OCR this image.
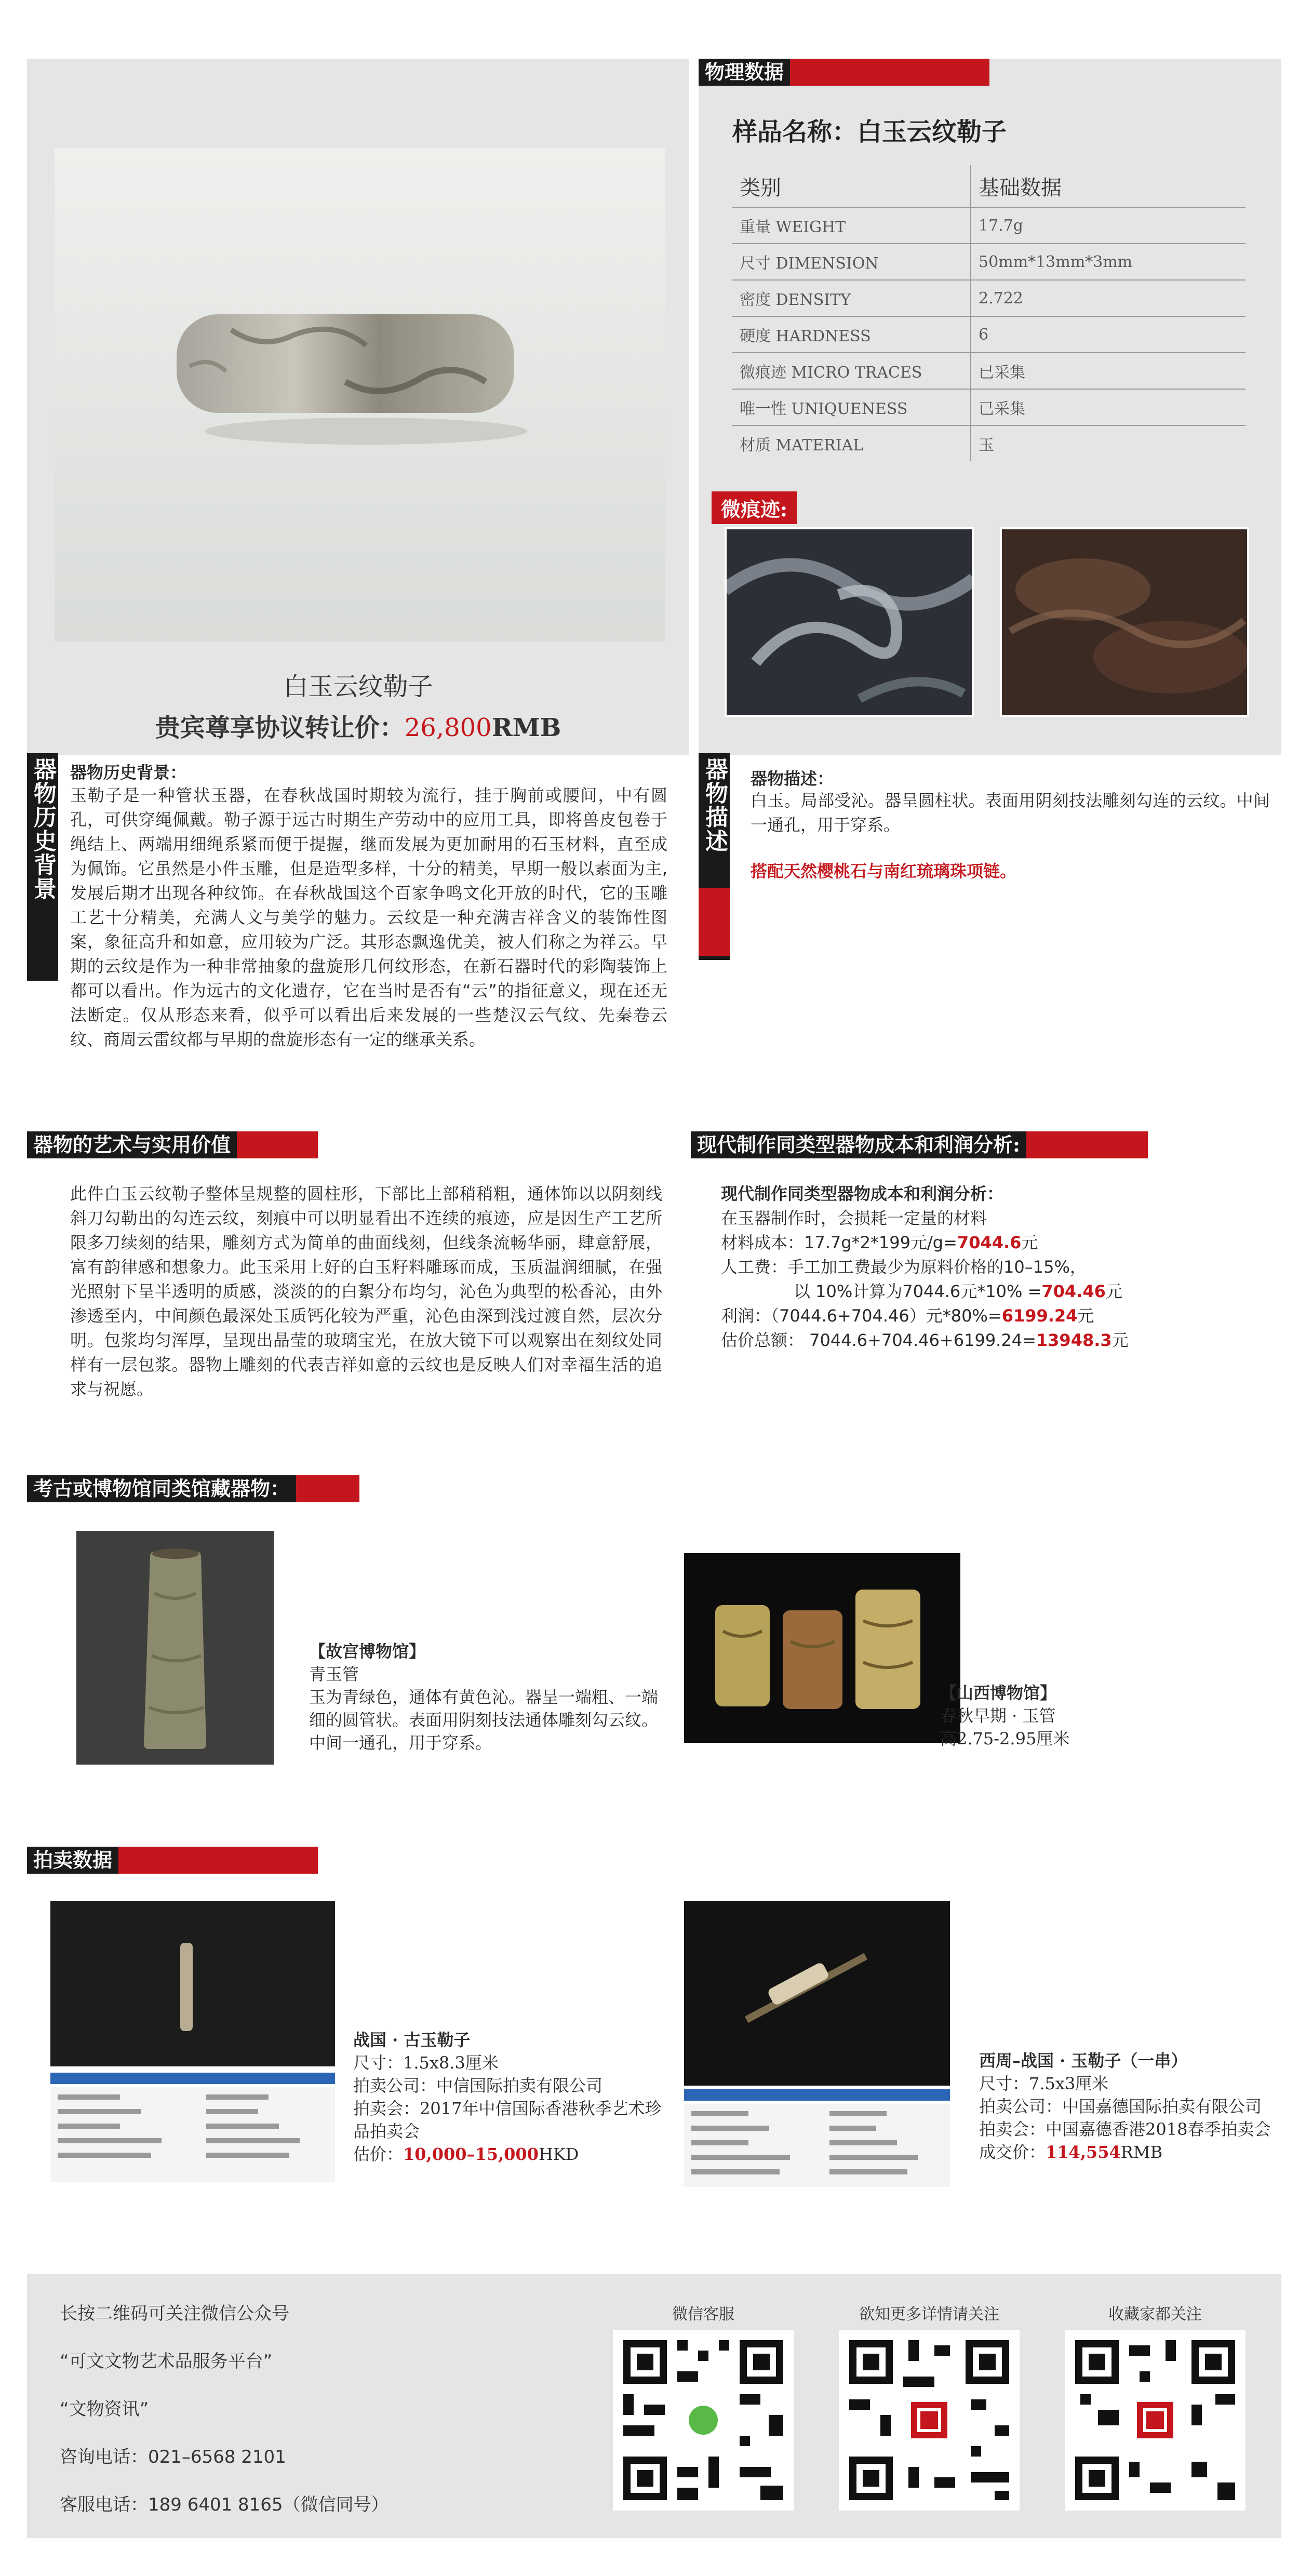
白玉云纹勒子
贵宾尊享协议转让价：26,800RMB
物理数据
样品名称：白玉云纹勒子
类别	基础数据
重量 WEIGHT	17.7g
尺寸 DIMENSION	50mm*13mm*3mm
密度 DENSITY	2.722
硬度 HARDNESS	6
微痕迹 MICRO TRACES	已采集
唯一性 UNIQUENESS	已采集
材质 MATERIAL	玉
微痕迹:
器物历史背景 器物历史背景：
玉勒子是一种管状玉器，在春秋战国时期较为流行，挂于胸前或腰间，中有圆孔，可供穿绳佩戴。勒子源于远古时期生产劳动中的应用工具，即将兽皮包卷于绳结上、两端用细绳系紧而便于提握，继而发展为更加耐用的石玉材料，直至成为佩饰。它虽然是小件玉雕，但是造型多样，十分的精美，早期一般以素面为主,发展后期才出现各种纹饰。在春秋战国这个百家争鸣文化开放的时代，它的玉雕工艺十分精美，充满人文与美学的魅力。云纹是一种充满吉祥含义的装饰性图案，象征高升和如意，应用较为广泛。其形态飘逸优美，被人们称之为祥云。早期的云纹是作为一种非常抽象的盘旋形几何纹形态，在新石器时代的彩陶装饰上都可以看出。作为远古的文化遗存，它在当时是否有“云”的指征意义，现在还无法断定。仅从形态来看，似乎可以看出后来发展的一些楚汉云气纹、先秦卷云纹、商周云雷纹都与早期的盘旋形态有一定的继承关系。
器物描述 器物描述：
白玉。局部受沁。器呈圆柱状。表面用阴刻技法雕刻勾连的云纹。中间一通孔，用于穿系。
搭配天然樱桃石与南红琉璃珠项链。
器物的艺术与实用价值
此件白玉云纹勒子整体呈规整的圆柱形，下部比上部稍稍粗，通体饰以以阴刻线斜刀勾勒出的勾连云纹，刻痕中可以明显看出不连续的痕迹，应是因生产工艺所限多刀续刻的结果，雕刻方式为简单的曲面线刻，但线条流畅华丽，肆意舒展，富有韵律感和想象力。此玉采用上好的白玉籽料雕琢而成，玉质温润细腻，在强光照射下呈半透明的质感，淡淡的的白絮分布均匀，沁色为典型的松香沁，由外渗透至内，中间颜色最深处玉质钙化较为严重，沁色由深到浅过渡自然，层次分明。包浆均匀浑厚，呈现出晶莹的玻璃宝光，在放大镜下可以观察出在刻纹处同样有一层包浆。器物上雕刻的代表吉祥如意的云纹也是反映人们对幸福生活的追求与祝愿。
现代制作同类型器物成本和利润分析:
现代制作同类型器物成本和利润分析：
在玉器制作时，会损耗一定量的材料
材料成本：17.7g*2*199元/g=7044.6元
人工费：手工加工费最少为原料价格的10–15%，
以 10%计算为7044.6元*10% =704.46元
利润：（7044.6+704.46）元*80%=6199.24元
估价总额： 7044.6+704.46+6199.24=13948.3元
考古或博物馆同类馆藏器物：
【故宫博物馆】
青玉管
玉为青绿色，通体有黄色沁。器呈一端粗、一端细的圆管状。表面用阴刻技法通体雕刻勾云纹。中间一通孔，用于穿系。
【山西博物馆】
春秋早期 · 玉管
高2.75-2.95厘米
拍卖数据
战国 · 古玉勒子
尺寸：1.5x8.3厘米
拍卖公司：中信国际拍卖有限公司
拍卖会：2017年中信国际香港秋季艺术珍品拍卖会
估价：10,000–15,000HKD
西周–战国 · 玉勒子（一串）
尺寸：7.5x3厘米
拍卖公司：中国嘉德国际拍卖有限公司
拍卖会：中国嘉德香港2018春季拍卖会
成交价：114,554RMB
长按二维码可关注微信公众号
“可文文物艺术品服务平台”
“文物资讯”
咨询电话：021–6568 2101
客服电话：189 6401 8165（微信同号）
微信客服	欲知更多详情请关注	收藏家都关注
